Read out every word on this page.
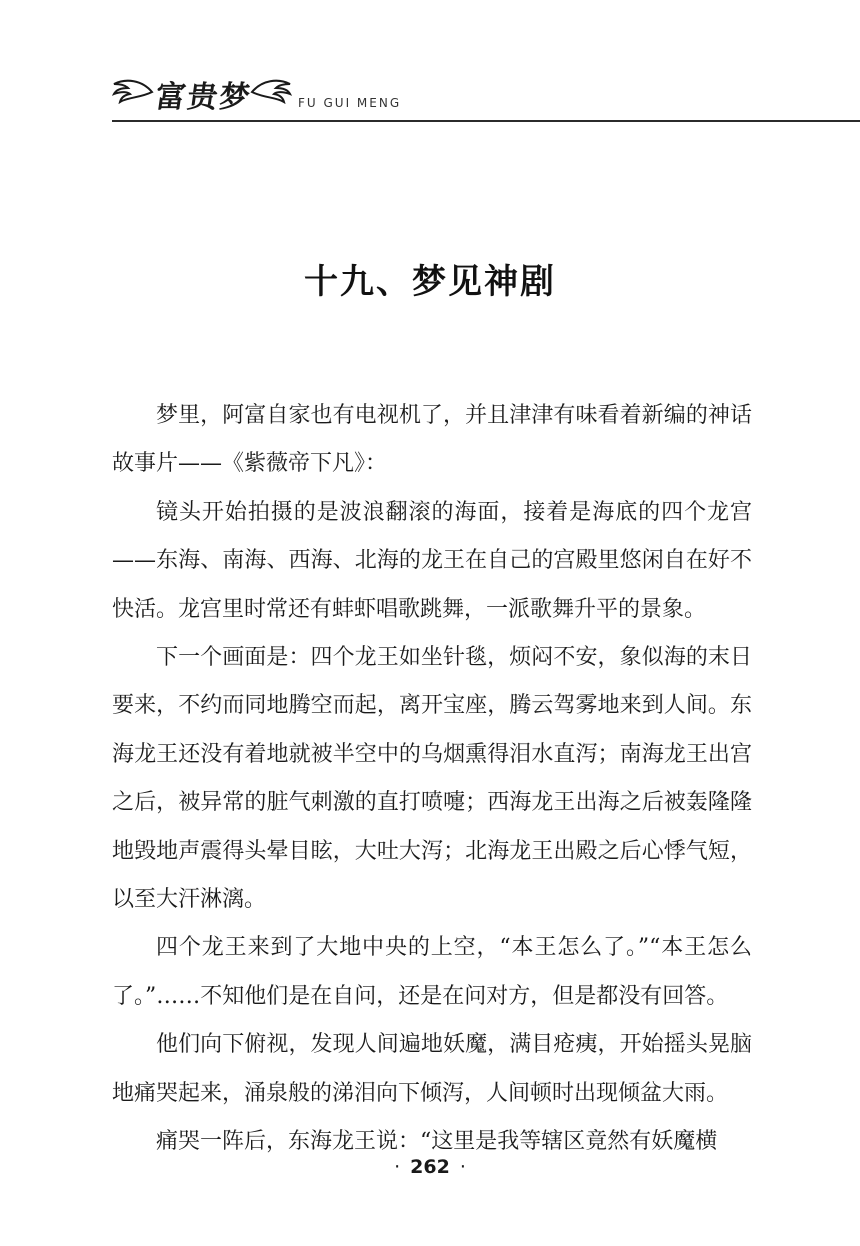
富贵梦	FU GUI MENG
十九、梦见神剧

梦里，阿富自家也有电视机了，并且津津有味看着新编的神话故事片——《紫薇帝下凡》：

镜头开始拍摄的是波浪翻滚的海面，接着是海底的四个龙宫——东海、南海、西海、北海的龙王在自己的宫殿里悠闲自在好不快活。龙宫里时常还有蚌虾唱歌跳舞，一派歌舞升平的景象。

下一个画面是：四个龙王如坐针毯，烦闷不安，象似海的末日要来，不约而同地腾空而起，离开宝座，腾云驾雾地来到人间。东海龙王还没有着地就被半空中的乌烟熏得泪水直泻；南海龙王出宫之后，被异常的脏气刺激的直打喷嚏；西海龙王出海之后被轰隆隆地毁地声震得头晕目眩，大吐大泻；北海龙王出殿之后心悸气短，以至大汗淋漓。

四个龙王来到了大地中央的上空，“本王怎么了。”“本王怎么了。”……不知他们是在自问，还是在问对方，但是都没有回答。

他们向下俯视，发现人间遍地妖魔，满目疮痍，开始摇头晃脑地痛哭起来，涌泉般的涕泪向下倾泻，人间顿时出现倾盆大雨。

痛哭一阵后，东海龙王说：“这里是我等辖区竟然有妖魔横

· 262 ·
